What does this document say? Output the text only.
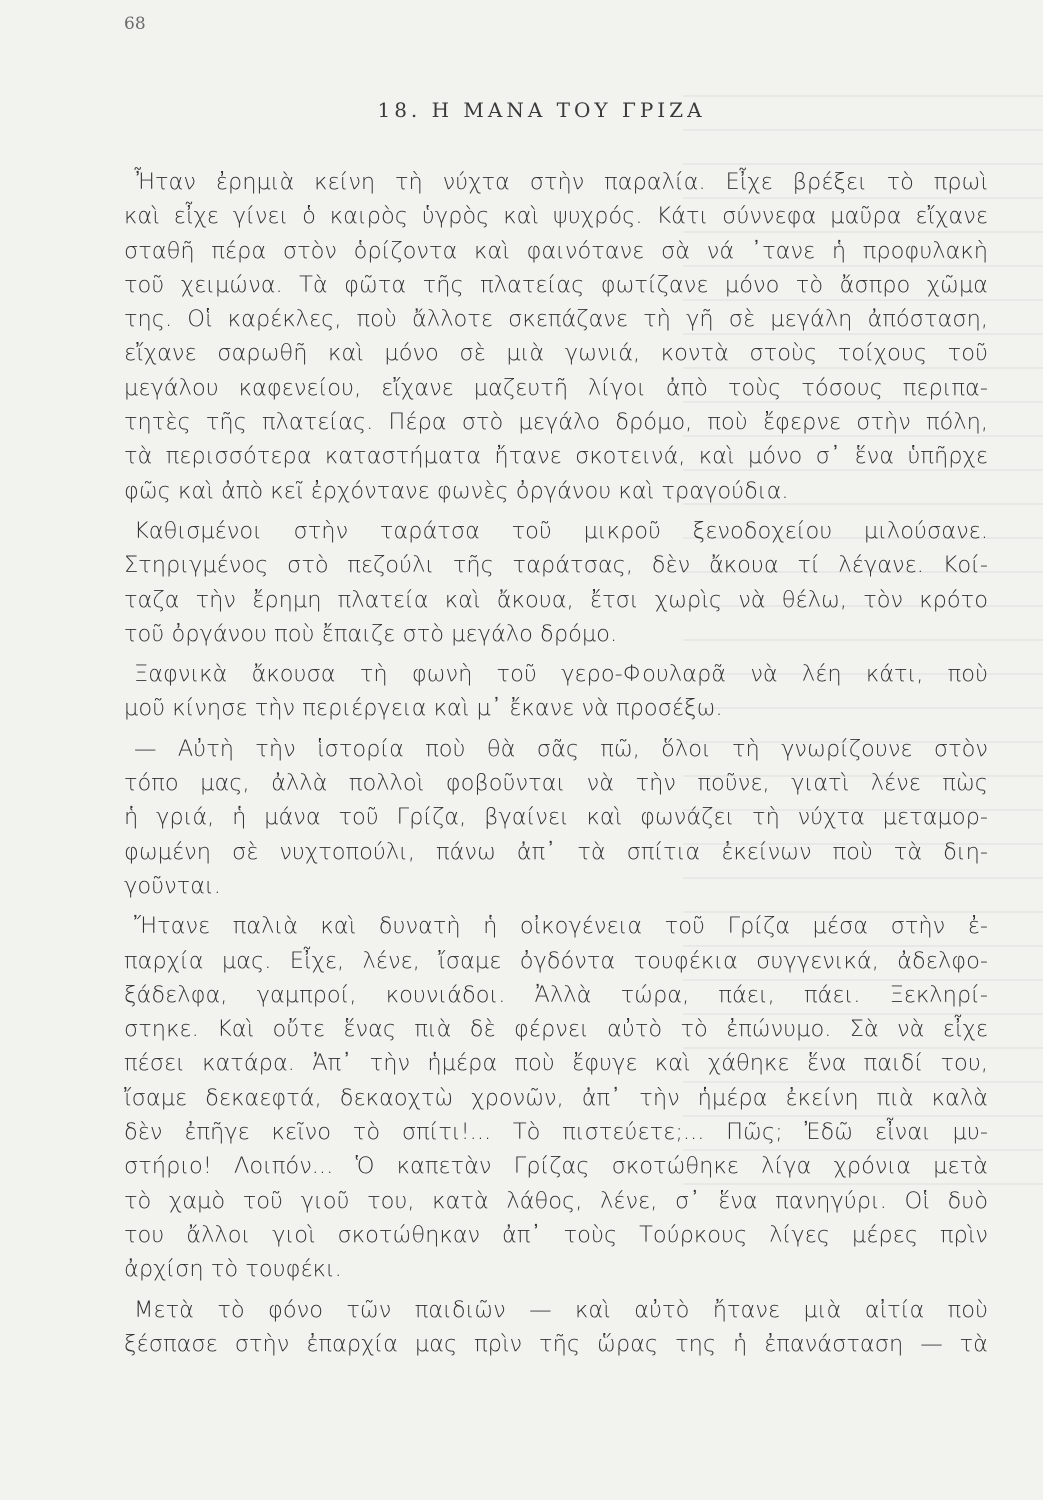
68
18. Η ΜΑΝΑ ΤΟΥ ΓΡΙΖΑ

Ἦταν ἐρημιὰ κείνη τὴ νύχτα στὴν παραλία. Εἶχε βρέξει τὸ πρωὶ
καὶ εἶχε γίνει ὁ καιρὸς ὑγρὸς καὶ ψυχρός. Κάτι σύννεφα μαῦρα εἴχανε
σταθῆ πέρα στὸν ὁρίζοντα καὶ φαινότανε σὰ νά ᾽τανε ἡ προφυλακὴ
τοῦ χειμώνα. Τὰ φῶτα τῆς πλατείας φωτίζανε μόνο τὸ ἄσπρο χῶμα
της. Οἱ καρέκλες, ποὺ ἄλλοτε σκεπάζανε τὴ γῆ σὲ μεγάλη ἀπόσταση,
εἴχανε σαρωθῆ καὶ μόνο σὲ μιὰ γωνιά, κοντὰ στοὺς τοίχους τοῦ
μεγάλου καφενείου, εἴχανε μαζευτῆ λίγοι ἀπὸ τοὺς τόσους περιπα-
τητὲς τῆς πλατείας. Πέρα στὸ μεγάλο δρόμο, ποὺ ἔφερνε στὴν πόλη,
τὰ περισσότερα καταστήματα ἤτανε σκοτεινά, καὶ μόνο σ᾽ ἕνα ὑπῆρχε
φῶς καὶ ἀπὸ κεῖ ἐρχόντανε φωνὲς ὀργάνου καὶ τραγούδια.

Καθισμένοι στὴν ταράτσα τοῦ μικροῦ ξενοδοχείου μιλούσανε.
Στηριγμένος στὸ πεζούλι τῆς ταράτσας, δὲν ἄκουα τί λέγανε. Κοί-
ταζα τὴν ἔρημη πλατεία καὶ ἄκουα, ἔτσι χωρὶς νὰ θέλω, τὸν κρότο
τοῦ ὀργάνου ποὺ ἔπαιζε στὸ μεγάλο δρόμο.

Ξαφνικὰ ἄκουσα τὴ φωνὴ τοῦ γερο-Φουλαρᾶ νὰ λέη κάτι, ποὺ
μοῦ κίνησε τὴν περιέργεια καὶ μ᾽ ἔκανε νὰ προσέξω.

— Αὐτὴ τὴν ἱστορία ποὺ θὰ σᾶς πῶ, ὅλοι τὴ γνωρίζουνε στὸν
τόπο μας, ἀλλὰ πολλοὶ φοβοῦνται νὰ τὴν ποῦνε, γιατὶ λένε πὼς
ἡ γριά, ἡ μάνα τοῦ Γρίζα, βγαίνει καὶ φωνάζει τὴ νύχτα μεταμορ-
φωμένη σὲ νυχτοπούλι, πάνω ἀπ᾽ τὰ σπίτια ἐκείνων ποὺ τὰ διη-
γοῦνται.

Ἤτανε παλιὰ καὶ δυνατὴ ἡ οἰκογένεια τοῦ Γρίζα μέσα στὴν ἐ-
παρχία μας. Εἶχε, λένε, ἴσαμε ὀγδόντα τουφέκια συγγενικά, ἀδελφο-
ξάδελφα, γαμπροί, κουνιάδοι. Ἀλλὰ τώρα, πάει, πάει. Ξεκληρί-
στηκε. Καὶ οὔτε ἕνας πιὰ δὲ φέρνει αὐτὸ τὸ ἐπώνυμο. Σὰ νὰ εἶχε
πέσει κατάρα. Ἀπ᾽ τὴν ἡμέρα ποὺ ἔφυγε καὶ χάθηκε ἕνα παιδί του,
ἴσαμε δεκαεφτά, δεκαοχτὼ χρονῶν, ἀπ᾽ τὴν ἡμέρα ἐκείνη πιὰ καλὰ
δὲν ἐπῆγε κεῖνο τὸ σπίτι!... Τὸ πιστεύετε;... Πῶς; Ἐδῶ εἶναι μυ-
στήριο! Λοιπόν... Ὁ καπετὰν Γρίζας σκοτώθηκε λίγα χρόνια μετὰ
τὸ χαμὸ τοῦ γιοῦ του, κατὰ λάθος, λένε, σ᾽ ἕνα πανηγύρι. Οἱ δυὸ
του ἄλλοι γιοὶ σκοτώθηκαν ἀπ᾽ τοὺς Τούρκους λίγες μέρες πρὶν
ἀρχίση τὸ τουφέκι.

Μετὰ τὸ φόνο τῶν παιδιῶν — καὶ αὐτὸ ἤτανε μιὰ αἰτία ποὺ
ξέσπασε στὴν ἐπαρχία μας πρὶν τῆς ὥρας της ἡ ἐπανάσταση — τὰ
